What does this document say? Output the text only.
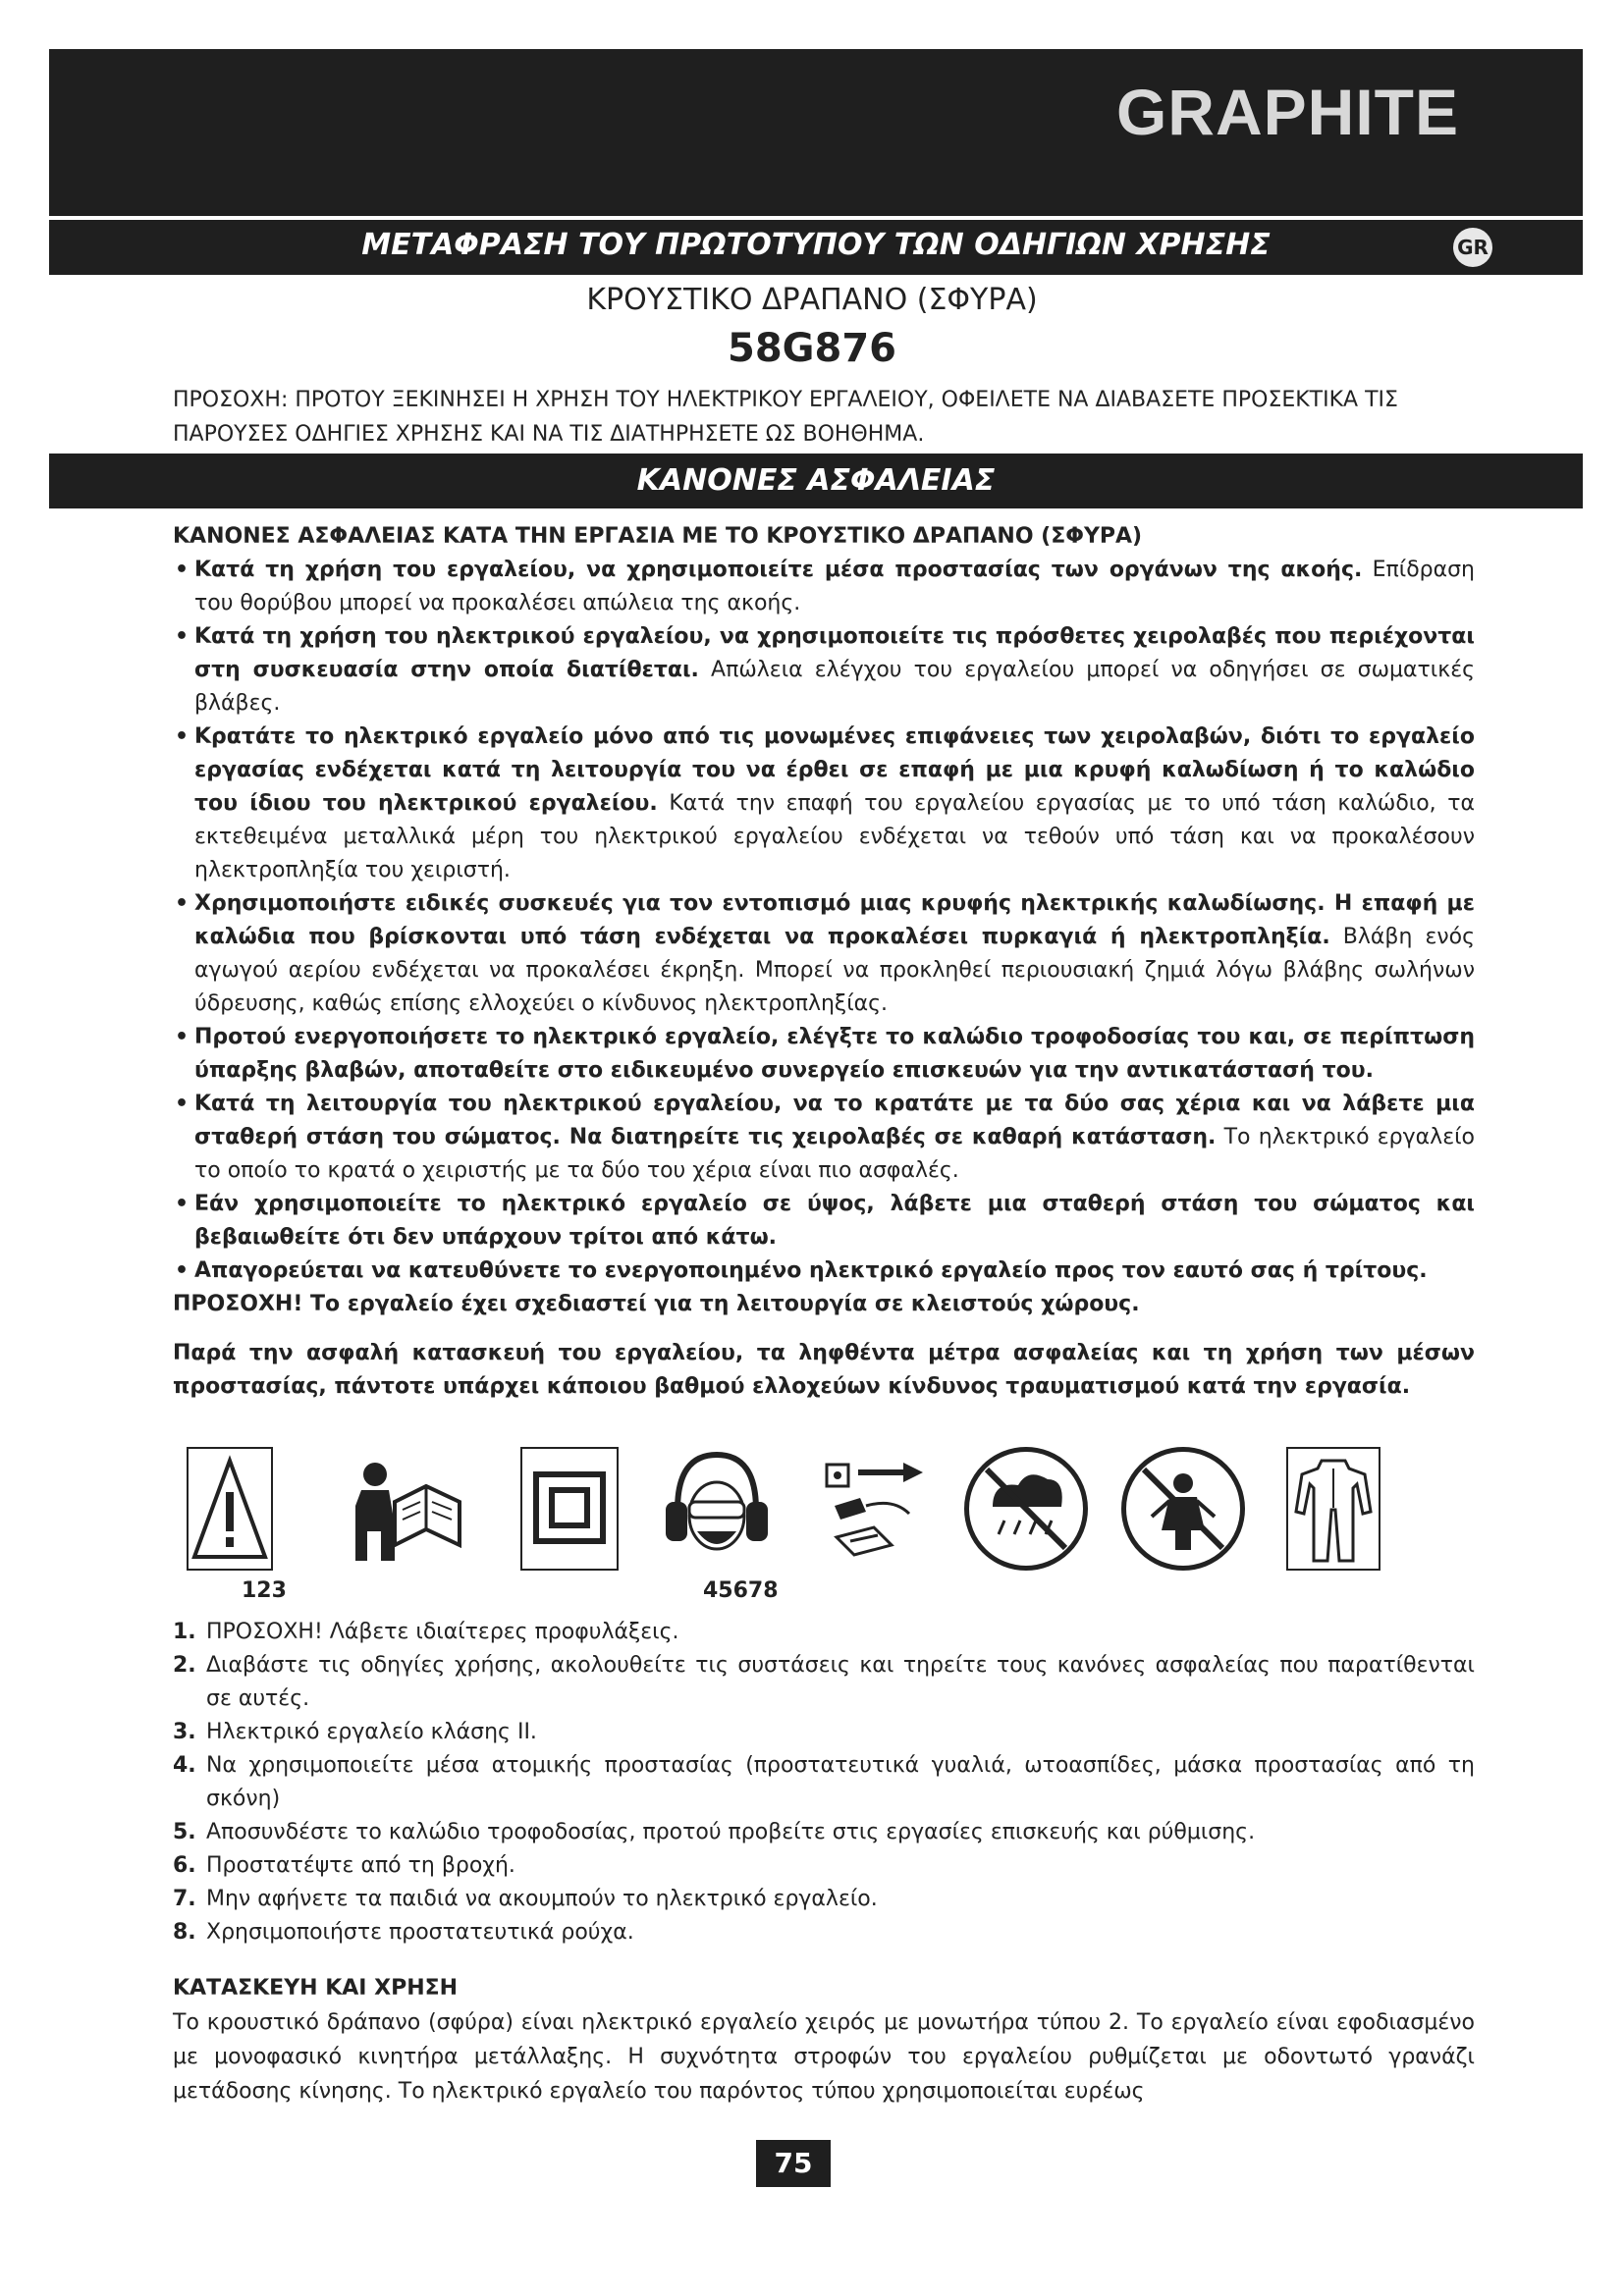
GRAPHITE
ΜΕΤΑΦΡΑΣΗ ΤΟΥ ΠΡΩΤΟΤΥΠΟΥ ΤΩΝ ΟΔΗΓΙΩΝ ΧΡΗΣΗΣ	GR
ΚΡΟΥΣΤΙΚΟ ΔΡΑΠΑΝΟ (ΣΦΥΡΑ)
58G876
ΠΡΟΣΟΧΗ: ΠΡΟΤΟΥ ΞΕΚΙΝΗΣΕΙ Η ΧΡΗΣΗ ΤΟΥ ΗΛΕΚΤΡΙΚΟΥ ΕΡΓΑΛΕΙΟΥ, ΟΦΕΙΛΕΤΕ ΝΑ ΔΙΑΒΑΣΕΤΕ ΠΡΟΣΕΚΤΙΚΑ ΤΙΣ ΠΑΡΟΥΣΕΣ ΟΔΗΓΙΕΣ ΧΡΗΣΗΣ ΚΑΙ ΝΑ ΤΙΣ ΔΙΑΤΗΡΗΣΕΤΕ ΩΣ ΒΟΗΘΗΜΑ.
ΚΑΝΟΝΕΣ ΑΣΦΑΛΕΙΑΣ
ΚΑΝΟΝΕΣ ΑΣΦΑΛΕΙΑΣ ΚΑΤΑ ΤΗΝ ΕΡΓΑΣΙΑ ΜΕ ΤΟ ΚΡΟΥΣΤΙΚΟ ΔΡΑΠΑΝΟ (ΣΦΥΡΑ)
• Κατά τη χρήση του εργαλείου, να χρησιμοποιείτε μέσα προστασίας των οργάνων της ακοής. Επίδραση του θορύβου μπορεί να προκαλέσει απώλεια της ακοής.
• Κατά τη χρήση του ηλεκτρικού εργαλείου, να χρησιμοποιείτε τις πρόσθετες χειρολαβές που περιέχονται στη συσκευασία στην οποία διατίθεται. Απώλεια ελέγχου του εργαλείου μπορεί να οδηγήσει σε σωματικές βλάβες.
• Κρατάτε το ηλεκτρικό εργαλείο μόνο από τις μονωμένες επιφάνειες των χειρολαβών, διότι το εργαλείο εργασίας ενδέχεται κατά τη λειτουργία του να έρθει σε επαφή με μια κρυφή καλωδίωση ή το καλώδιο του ίδιου του ηλεκτρικού εργαλείου. Κατά την επαφή του εργαλείου εργασίας με το υπό τάση καλώδιο, τα εκτεθειμένα μεταλλικά μέρη του ηλεκτρικού εργαλείου ενδέχεται να τεθούν υπό τάση και να προκαλέσουν ηλεκτροπληξία του χειριστή.
• Χρησιμοποιήστε ειδικές συσκευές για τον εντοπισμό μιας κρυφής ηλεκτρικής καλωδίωσης. Η επαφή με καλώδια που βρίσκονται υπό τάση ενδέχεται να προκαλέσει πυρκαγιά ή ηλεκτροπληξία. Βλάβη ενός αγωγού αερίου ενδέχεται να προκαλέσει έκρηξη. Μπορεί να προκληθεί περιουσιακή ζημιά λόγω βλάβης σωλήνων ύδρευσης, καθώς επίσης ελλοχεύει ο κίνδυνος ηλεκτροπληξίας.
• Προτού ενεργοποιήσετε το ηλεκτρικό εργαλείο, ελέγξτε το καλώδιο τροφοδοσίας του και, σε περίπτωση ύπαρξης βλαβών, αποταθείτε στο ειδικευμένο συνεργείο επισκευών για την αντικατάστασή του.
• Κατά τη λειτουργία του ηλεκτρικού εργαλείου, να το κρατάτε με τα δύο σας χέρια και να λάβετε μια σταθερή στάση του σώματος. Να διατηρείτε τις χειρολαβές σε καθαρή κατάσταση. Το ηλεκτρικό εργαλείο το οποίο το κρατά ο χειριστής με τα δύο του χέρια είναι πιο ασφαλές.
• Εάν χρησιμοποιείτε το ηλεκτρικό εργαλείο σε ύψος, λάβετε μια σταθερή στάση του σώματος και βεβαιωθείτε ότι δεν υπάρχουν τρίτοι από κάτω.
• Απαγορεύεται να κατευθύνετε το ενεργοποιημένο ηλεκτρικό εργαλείο προς τον εαυτό σας ή τρίτους.
ΠΡΟΣΟΧΗ! Το εργαλείο έχει σχεδιαστεί για τη λειτουργία σε κλειστούς χώρους.
Παρά την ασφαλή κατασκευή του εργαλείου, τα ληφθέντα μέτρα ασφαλείας και τη χρήση των μέσων προστασίας, πάντοτε υπάρχει κάποιου βαθμού ελλοχεύων κίνδυνος τραυματισμού κατά την εργασία.
123	45678
1. ΠΡΟΣΟΧΗ! Λάβετε ιδιαίτερες προφυλάξεις.
2. Διαβάστε τις οδηγίες χρήσης, ακολουθείτε τις συστάσεις και τηρείτε τους κανόνες ασφαλείας που παρατίθενται σε αυτές.
3. Ηλεκτρικό εργαλείο κλάσης II.
4. Να χρησιμοποιείτε μέσα ατομικής προστασίας (προστατευτικά γυαλιά, ωτοασπίδες, μάσκα προστασίας από τη σκόνη)
5. Αποσυνδέστε το καλώδιο τροφοδοσίας, προτού προβείτε στις εργασίες επισκευής και ρύθμισης.
6. Προστατέψτε από τη βροχή.
7. Μην αφήνετε τα παιδιά να ακουμπούν το ηλεκτρικό εργαλείο.
8. Χρησιμοποιήστε προστατευτικά ρούχα.
ΚΑΤΑΣΚΕΥΗ ΚΑΙ ΧΡΗΣΗ

Το κρουστικό δράπανο (σφύρα) είναι ηλεκτρικό εργαλείο χειρός με μονωτήρα τύπου 2. Το εργαλείο είναι εφοδιασμένο με μονοφασικό κινητήρα μετάλλαξης. Η συχνότητα στροφών του εργαλείου ρυθμίζεται με οδοντωτό γρανάζι μετάδοσης κίνησης. Το ηλεκτρικό εργαλείο του παρόντος τύπου χρησιμοποιείται ευρέως

75
